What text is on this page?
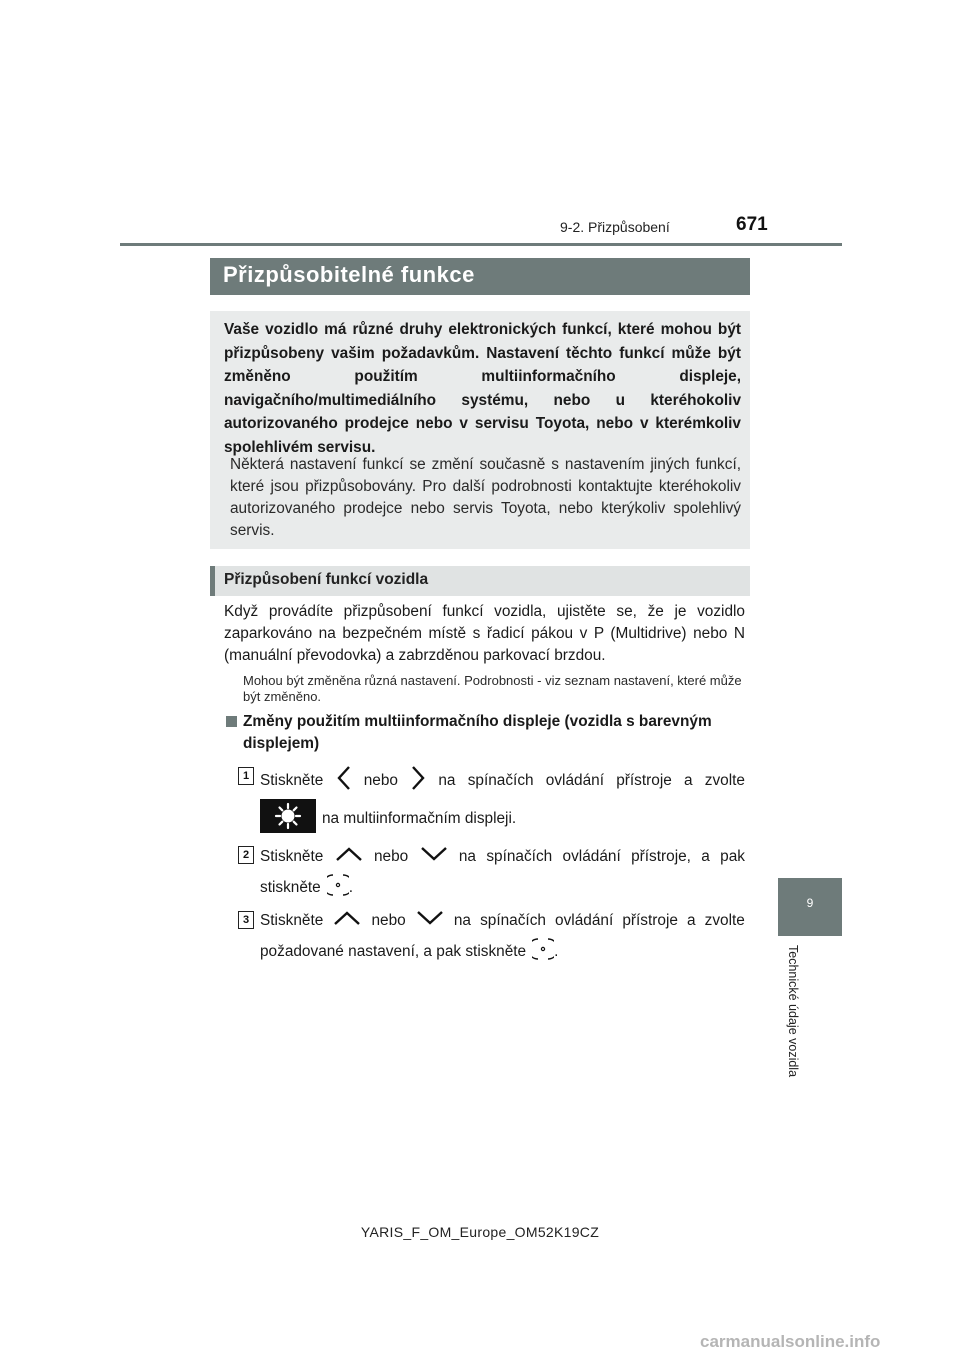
9-2. Přizpůsobení	671
Přizpůsobitelné funkce
Vaše vozidlo má různé druhy elektronických funkcí, které mohou být přizpůsobeny vašim požadavkům. Nastavení těchto funkcí může být změněno použitím multiinformačního displeje, navigačního/multimediálního systému, nebo u kteréhokoliv autorizovaného prodejce nebo v servisu Toyota, nebo v kterémkoliv spolehlivém servisu.
Některá nastavení funkcí se změní současně s nastavením jiných funkcí, které jsou přizpůsobovány. Pro další podrobnosti kontaktujte kteréhokoliv autorizovaného prodejce nebo servis Toyota, nebo kterýkoliv spolehlivý servis.
Přizpůsobení funkcí vozidla
Když provádíte přizpůsobení funkcí vozidla, ujistěte se, že je vozidlo zaparkováno na bezpečném místě s řadicí pákou v P (Multidrive) nebo N (manuální převodovka) a zabrzděnou parkovací brzdou.
Mohou být změněna různá nastavení. Podrobnosti - viz seznam nastavení, které může být změněno.
Změny použitím multiinformačního displeje (vozidla s barevným displejem)
1 Stiskněte	nebo	na spínačích ovládání přístroje a zvolte
na multiinformačním displeji.
2 Stiskněte	nebo	na spínačích ovládání přístroje, a pak
stiskněte .
3 Stiskněte	nebo	na spínačích ovládání přístroje a zvolte
požadované nastavení, a pak stiskněte .
9
Technické údaje vozidla
YARIS_F_OM_Europe_OM52K19CZ
carmanualsonline.info
